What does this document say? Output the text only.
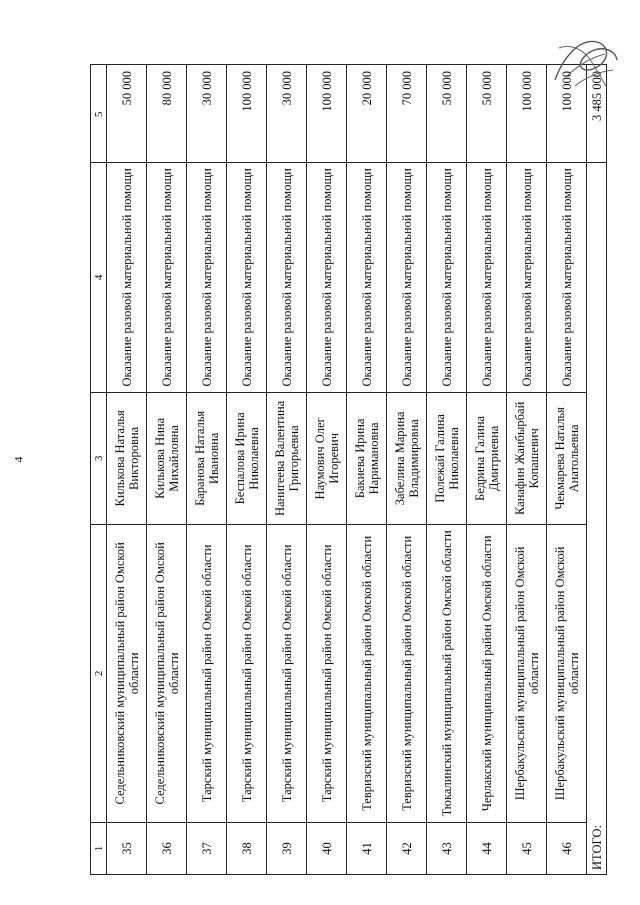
4
1	2	3	4	5
35	Седельниковский муниципальный район Омской области	Килькова Наталья Викторовна	Оказание разовой материальной помощи	50 000
36	Седельниковский муниципальный район Омской области	Килькова Нина Михайловна	Оказание разовой материальной помощи	80 000
37	Тарский муниципальный район Омской области	Баранова Наталья Ивановна	Оказание разовой материальной помощи	30 000
38	Тарский муниципальный район Омской области	Беспалова Ирина Николаевна	Оказание разовой материальной помощи	100 000
39	Тарский муниципальный район Омской области	Нанигеева Валентина Григорьевна	Оказание разовой материальной помощи	30 000
40	Тарский муниципальный район Омской области	Наумович Олег Игоревич	Оказание разовой материальной помощи	100 000
41	Тевризский муниципальный район Омской области	Бакиева Ирина Наримановна	Оказание разовой материальной помощи	20 000
42	Тевризский муниципальный район Омской области	Забелина Марина Владимировна	Оказание разовой материальной помощи	70 000
43	Тюкалинский муниципальный район Омской области	Полежай Галина Николаевна	Оказание разовой материальной помощи	50 000
44	Черлакский муниципальный район Омской области	Бедрина Галина Дмитриевна	Оказание разовой материальной помощи	50 000
45	Шербакульский муниципальный район Омской области	Канафин Жанбырбай Копашевич	Оказание разовой материальной помощи	100 000
46	Шербакульский муниципальный район Омской области	Чекмарева Наталья Анатольевна	Оказание разовой материальной помощи	100 000
ИТОГО:				3 485 000
